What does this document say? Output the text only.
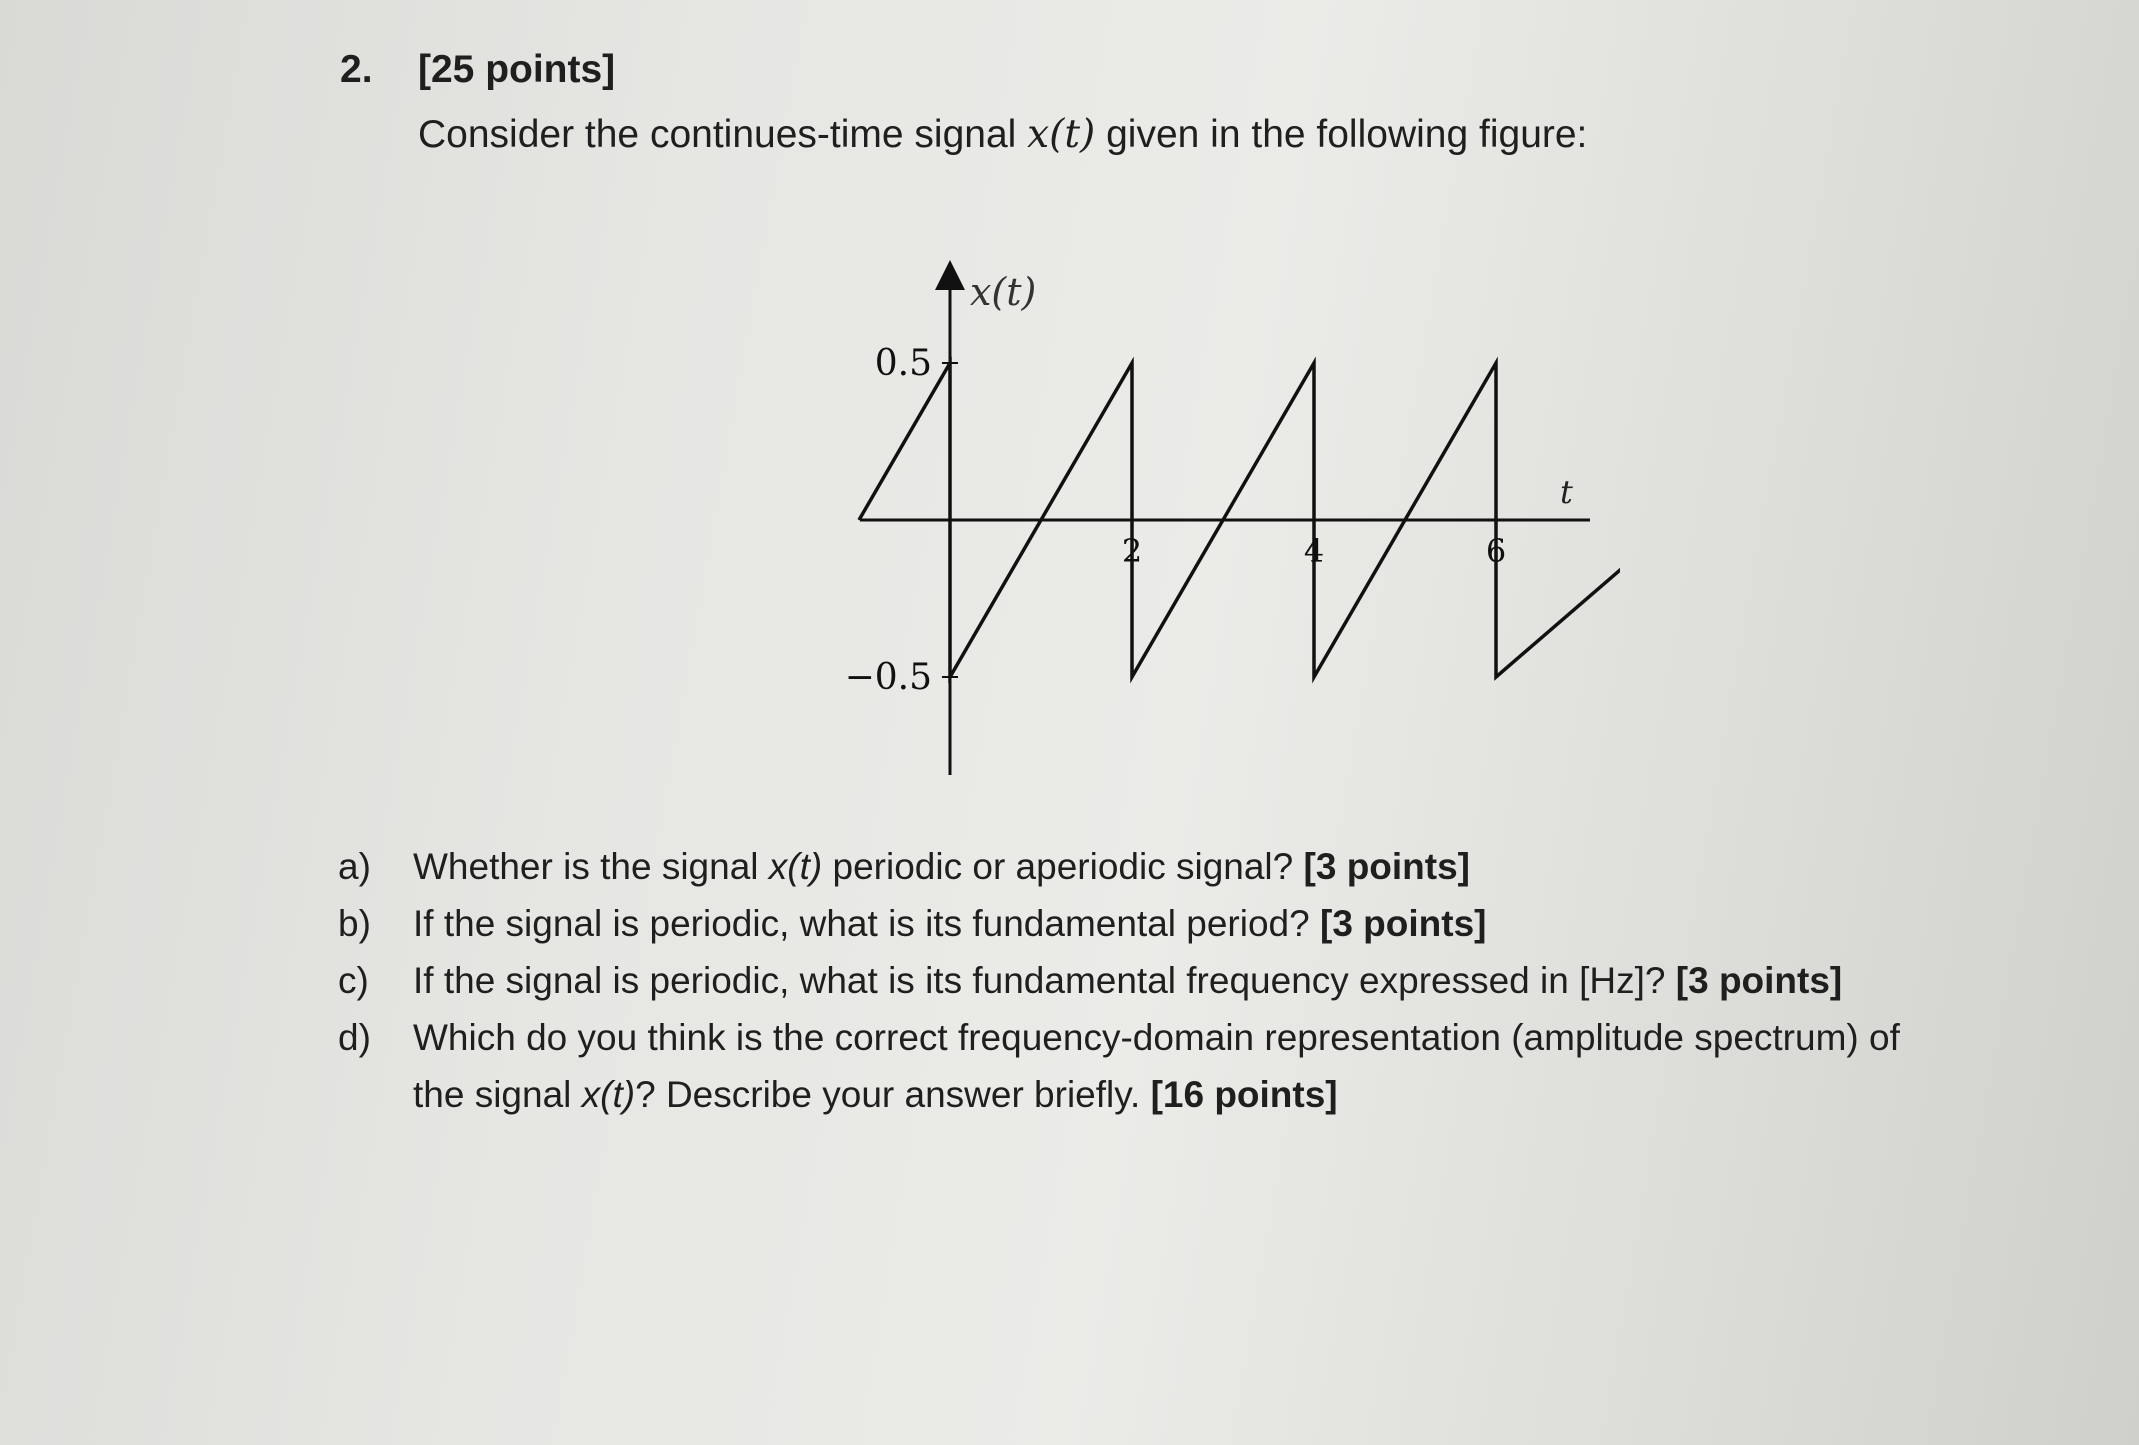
2. [25 points]
Consider the continues-time signal x(t) given in the following figure:
0.5
−0.5
2	4	6
x(t)
t
a)	Whether is the signal x(t) periodic or aperiodic signal? [3 points]
b)	If the signal is periodic, what is its fundamental period? [3 points]
c)	If the signal is periodic, what is its fundamental frequency expressed in [Hz]? [3 points]
d)	Which do you think is the correct frequency-domain representation (amplitude spectrum) of
the signal x(t)? Describe your answer briefly. [16 points]
